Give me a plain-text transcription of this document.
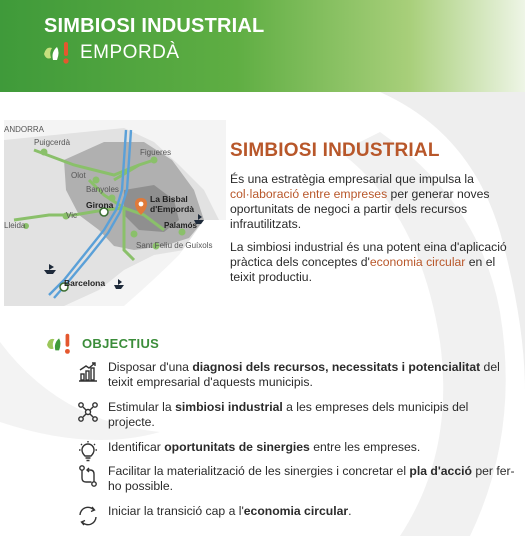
SIMBIOSI INDUSTRIAL
EMPORDÀ
ANDORRA
Puigcerdà
Olot
Figueres
Banyoles
Vic
Lleida
Sant Feliu de Guíxols
Girona
La Bisbal
d'Empordà
Palamós
Barcelona
SIMBIOSI INDUSTRIAL

És una estratègia empresarial que impulsa la col·laboració entre empreses per generar noves oportunitats de negoci a partir dels recursos infrautilitzats.

La simbiosi industrial és una potent eina d'aplicació pràctica dels conceptes d'economia circular en el teixit productiu.

OBJECTIUS
Disposar d'una diagnosi dels recursos, necessitats i potencialitat del teixit empresarial d'aquests municipis.
Estimular la simbiosi industrial a les empreses dels municipis del projecte.
Identificar oportunitats de sinergies entre les empreses.
Facilitar la materialització de les sinergies i concretar el pla d'acció per fer-ho possible.
Iniciar la transició cap a l'economia circular.
